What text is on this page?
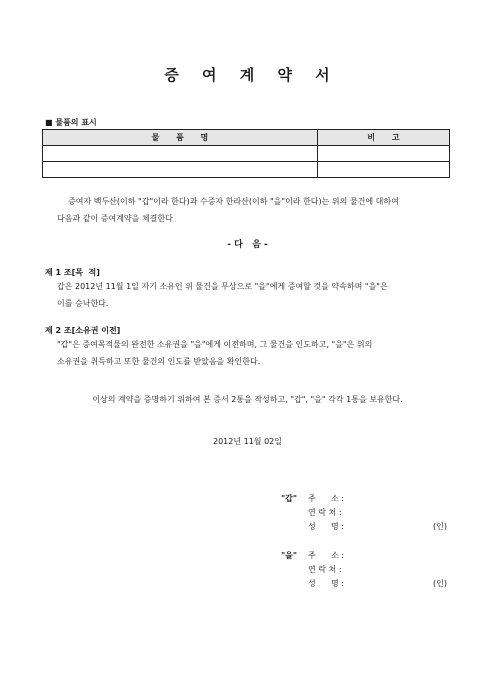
증 여 계 약 서
■ 물품의 표시
물      품      명	비      고

증여자 백두산(이하 "갑"이라 한다)과 수증자 한라산(이하 "을"이라 한다)는 위의 물건에 대하여
다음과 같이 증여계약을 체결한다
- 다   음 -
제 1 조[목  적]
갑은 2012년 11월 1일 자기 소유인 위 물건을 무상으로 "을"에게 증여할 것을 약속하며 "을"은
이를 승낙한다.
제 2 조[소유권 이전]
"갑"은 증여목적물의 완전한 소유권을 "을"에게 이전하며, 그 물건을 인도하고, "을"은 위의
소유권을 취득하고 또한 물건의 인도를 받았음을 확인한다.
이상의 계약을 증명하기 위하여 본 증서 2통을 작성하고, "갑", "을" 각각 1통을 보유한다.
2012년 11월 02일
"갑" 주      소 :
연 락 처 :
성      명 :	(인)
"을" 주      소 :
연 락 처 :
성      명 :	(인)
